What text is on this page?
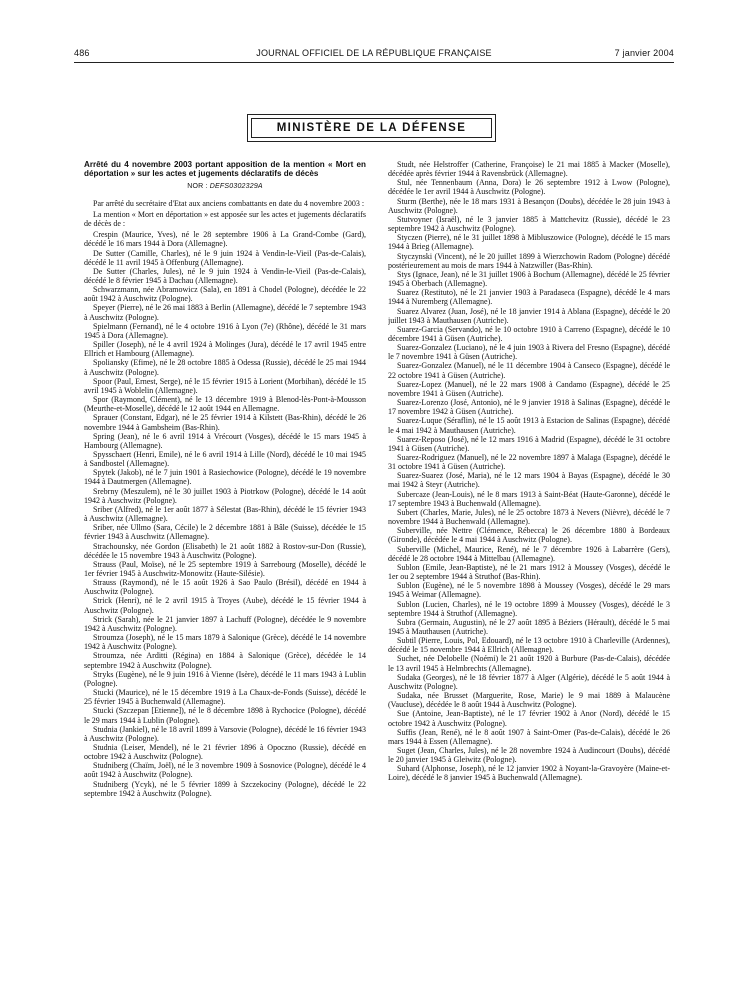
486	JOURNAL OFFICIEL DE LA RÉPUBLIQUE FRANÇAISE	7 janvier 2004
MINISTÈRE DE LA DÉFENSE
Arrêté du 4 novembre 2003 portant apposition de la mention « Mort en déportation » sur les actes et jugements déclaratifs de décès
NOR : DEFS0302329A

Par arrêté du secrétaire d'Etat aux anciens combattants en date du 4 novembre 2003 :

La mention « Mort en déportation » est apposée sur les actes et jugements déclaratifs de décès de :

Crespin (Maurice, Yves), né le 28 septembre 1906 à La Grand-Combe (Gard), décédé le 16 mars 1944 à Dora (Allemagne).

De Sutter (Camille, Charles), né le 9 juin 1924 à Vendin-le-Vieil (Pas-de-Calais), décédé le 11 avril 1945 à Offenburg (Allemagne).

De Sutter (Charles, Jules), né le 9 juin 1924 à Vendin-le-Vieil (Pas-de-Calais), décédé le 8 février 1945 à Dachau (Allemagne).

Schwarzmann, née Abramowicz (Sala), en 1891 à Chodel (Pologne), décédée le 22 août 1942 à Auschwitz (Pologne).

Speyer (Pierre), né le 26 mai 1883 à Berlin (Allemagne), décédé le 7 septembre 1943 à Auschwitz (Pologne).

Spielmann (Fernand), né le 4 octobre 1916 à Lyon (7e) (Rhône), décédé le 31 mars 1945 à Dora (Allemagne).

Spiller (Joseph), né le 4 avril 1924 à Molinges (Jura), décédé le 17 avril 1945 entre Ellrich et Hambourg (Allemagne).

Spoliansky (Efime), né le 28 octobre 1885 à Odessa (Russie), décédé le 25 mai 1944 à Auschwitz (Pologne).

Spoor (Paul, Ernest, Serge), né le 15 février 1915 à Lorient (Morbihan), décédé le 15 avril 1945 à Woblelin (Allemagne).

Spor (Raymond, Clément), né le 13 décembre 1919 à Blenod-lès-Pont-à-Mousson (Meurthe-et-Moselle), décédé le 12 août 1944 en Allemagne.

Sprauer (Constant, Edgar), né le 25 février 1914 à Kilstett (Bas-Rhin), décédé le 26 novembre 1944 à Gambsheim (Bas-Rhin).

Spring (Jean), né le 6 avril 1914 à Vrécourt (Vosges), décédé le 15 mars 1945 à Hambourg (Allemagne).

Spysschaert (Henri, Emile), né le 6 avril 1914 à Lille (Nord), décédé le 10 mai 1945 à Sandbostel (Allemagne).

Spytek (Jakob), né le 7 juin 1901 à Rasiechowice (Pologne), décédé le 19 novembre 1944 à Dautmergen (Allemagne).

Srebrny (Meszulem), né le 30 juillet 1903 à Piotrkow (Pologne), décédé le 14 août 1942 à Auschwitz (Pologne).

Sriber (Alfred), né le 1er août 1877 à Sélestat (Bas-Rhin), décédé le 15 février 1943 à Auschwitz (Allemagne).

Sriber, née Ullmo (Sara, Cécile) le 2 décembre 1881 à Bâle (Suisse), décédée le 15 février 1943 à Auschwitz (Allemagne).

Strachounsky, née Gordon (Elisabeth) le 21 août 1882 à Rostov-sur-Don (Russie), décédée le 15 novembre 1943 à Auschwitz (Pologne).

Strauss (Paul, Moïse), né le 25 septembre 1919 à Sarrebourg (Moselle), décédé le 1er février 1945 à Auschwitz-Monowitz (Haute-Silésie).

Strauss (Raymond), né le 15 août 1926 à Sao Paulo (Brésil), décédé en 1944 à Auschwitz (Pologne).

Strick (Henri), né le 2 avril 1915 à Troyes (Aube), décédé le 15 février 1944 à Auschwitz (Pologne).

Strick (Sarah), née le 21 janvier 1897 à Lachuff (Pologne), décédée le 9 novembre 1942 à Auschwitz (Pologne).

Stroumza (Joseph), né le 15 mars 1879 à Salonique (Grèce), décédé le 14 novembre 1942 à Auschwitz (Pologne).

Stroumza, née Arditti (Régina) en 1884 à Salonique (Grèce), décédée le 14 septembre 1942 à Auschwitz (Pologne).

Stryks (Eugène), né le 9 juin 1916 à Vienne (Isère), décédé le 11 mars 1943 à Lublin (Pologne).

Stucki (Maurice), né le 15 décembre 1919 à La Chaux-de-Fonds (Suisse), décédé le 25 février 1945 à Buchenwald (Allemagne).

Stucki (Szczepan [Etienne]), né le 8 décembre 1898 à Rychocice (Pologne), décédé le 29 mars 1944 à Lublin (Pologne).

Studnia (Jankiel), né le 18 avril 1899 à Varsovie (Pologne), décédé le 16 février 1943 à Auschwitz (Pologne).

Studnia (Leiser, Mendel), né le 21 février 1896 à Opoczno (Russie), décédé en octobre 1942 à Auschwitz (Pologne).

Studniberg (Chaïm, Joël), né le 3 novembre 1909 à Sosnovice (Pologne), décédé le 4 août 1942 à Auschwitz (Pologne).

Studniberg (Ycyk), né le 5 février 1899 à Szczekociny (Pologne), décédé le 22 septembre 1942 à Auschwitz (Pologne).

Studt, née Helstroffer (Catherine, Françoise) le 21 mai 1885 à Macker (Moselle), décédée après février 1944 à Ravensbrück (Allemagne).

Stul, née Tennenbaum (Anna, Dora) le 26 septembre 1912 à Lwow (Pologne), décédée le 1er avril 1944 à Auschwitz (Pologne).

Sturm (Berthe), née le 18 mars 1931 à Besançon (Doubs), décédée le 28 juin 1943 à Auschwitz (Pologne).

Stutvoyner (Israël), né le 3 janvier 1885 à Mattchevitz (Russie), décédé le 23 septembre 1942 à Auschwitz (Pologne).

Styczen (Pierre), né le 31 juillet 1898 à Mibluszowice (Pologne), décédé le 15 mars 1944 à Brieg (Allemagne).

Styczynski (Vincent), né le 20 juillet 1899 à Wierzchowin Radom (Pologne) décédé postérieurement au mois de mars 1944 à Natzwiller (Bas-Rhin).

Stys (Ignace, Jean), né le 31 juillet 1906 à Bochum (Allemagne), décédé le 25 février 1945 à Oberbach (Allemagne).

Suarez (Restituto), né le 21 janvier 1903 à Paradaseca (Espagne), décédé le 4 mars 1944 à Nuremberg (Allemagne).

Suarez Alvarez (Juan, José), né le 18 janvier 1914 à Ablana (Espagne), décédé le 20 juillet 1943 à Mauthausen (Autriche).

Suarez-Garcia (Servando), né le 10 octobre 1910 à Carreno (Espagne), décédé le 10 décembre 1941 à Güsen (Autriche).

Suarez-Gonzalez (Luciano), né le 4 juin 1903 à Rivera del Fresno (Espagne), décédé le 7 novembre 1941 à Güsen (Autriche).

Suarez-Gonzalez (Manuel), né le 11 décembre 1904 à Canseco (Espagne), décédé le 22 octobre 1941 à Güsen (Autriche).

Suarez-Lopez (Manuel), né le 22 mars 1908 à Candamo (Espagne), décédé le 25 novembre 1941 à Güsen (Autriche).

Suarez-Lorenzo (José, Antonio), né le 9 janvier 1918 à Salinas (Espagne), décédé le 17 novembre 1942 à Güsen (Autriche).

Suarez-Luque (Séraflin), né le 15 août 1913 à Estacion de Salinas (Espagne), décédé le 4 mai 1942 à Mauthausen (Autriche).

Suarez-Reposo (José), né le 12 mars 1916 à Madrid (Espagne), décédé le 31 octobre 1941 à Güsen (Autriche).

Suarez-Rodriguez (Manuel), né le 22 novembre 1897 à Malaga (Espagne), décédé le 31 octobre 1941 à Güsen (Autriche).

Suarez-Suarez (José, Maria), né le 12 mars 1904 à Bayas (Espagne), décédé le 30 mai 1942 à Steyr (Autriche).

Subercaze (Jean-Louis), né le 8 mars 1913 à Saint-Béat (Haute-Garonne), décédé le 17 septembre 1943 à Buchenwald (Allemagne).

Subert (Charles, Marie, Jules), né le 25 octobre 1873 à Nevers (Nièvre), décédé le 7 novembre 1944 à Buchenwald (Allemagne).

Suberville, née Nettre (Clémence, Rébecca) le 26 décembre 1880 à Bordeaux (Gironde), décédée le 4 mai 1944 à Auschwitz (Pologne).

Suberville (Michel, Maurice, René), né le 7 décembre 1926 à Labarrère (Gers), décédé le 28 octobre 1944 à Mittelbau (Allemagne).

Sublon (Emile, Jean-Baptiste), né le 21 mars 1912 à Moussey (Vosges), décédé le 1er ou 2 septembre 1944 à Struthof (Bas-Rhin).

Sublon (Eugène), né le 5 novembre 1898 à Moussey (Vosges), décédé le 29 mars 1945 à Weimar (Allemagne).

Sublon (Lucien, Charles), né le 19 octobre 1899 à Moussey (Vosges), décédé le 3 septembre 1944 à Struthof (Allemagne).

Subra (Germain, Augustin), né le 27 août 1895 à Béziers (Hérault), décédé le 5 mai 1945 à Mauthausen (Autriche).

Subtil (Pierre, Louis, Pol, Edouard), né le 13 octobre 1910 à Charleville (Ardennes), décédé le 15 novembre 1944 à Ellrich (Allemagne).

Suchet, née Delobelle (Noémi) le 21 août 1920 à Burbure (Pas-de-Calais), décédée le 13 avril 1945 à Helmbrechts (Allemagne).

Sudaka (Georges), né le 18 février 1877 à Alger (Algérie), décédé le 5 août 1944 à Auschwitz (Pologne).

Sudaka, née Brusset (Marguerite, Rose, Marie) le 9 mai 1889 à Malaucène (Vaucluse), décédée le 8 août 1944 à Auschwitz (Pologne).

Sue (Antoine, Jean-Baptiste), né le 17 février 1902 à Anor (Nord), décédé le 15 octobre 1942 à Auschwitz (Pologne).

Suffis (Jean, René), né le 8 août 1907 à Saint-Omer (Pas-de-Calais), décédé le 26 mars 1944 à Essen (Allemagne).

Suget (Jean, Charles, Jules), né le 28 novembre 1924 à Audincourt (Doubs), décédé le 20 janvier 1945 à Gleiwitz (Pologne).

Suhard (Alphonse, Joseph), né le 12 janvier 1902 à Noyant-la-Gravoyère (Maine-et-Loire), décédé le 8 janvier 1945 à Buchenwald (Allemagne).
